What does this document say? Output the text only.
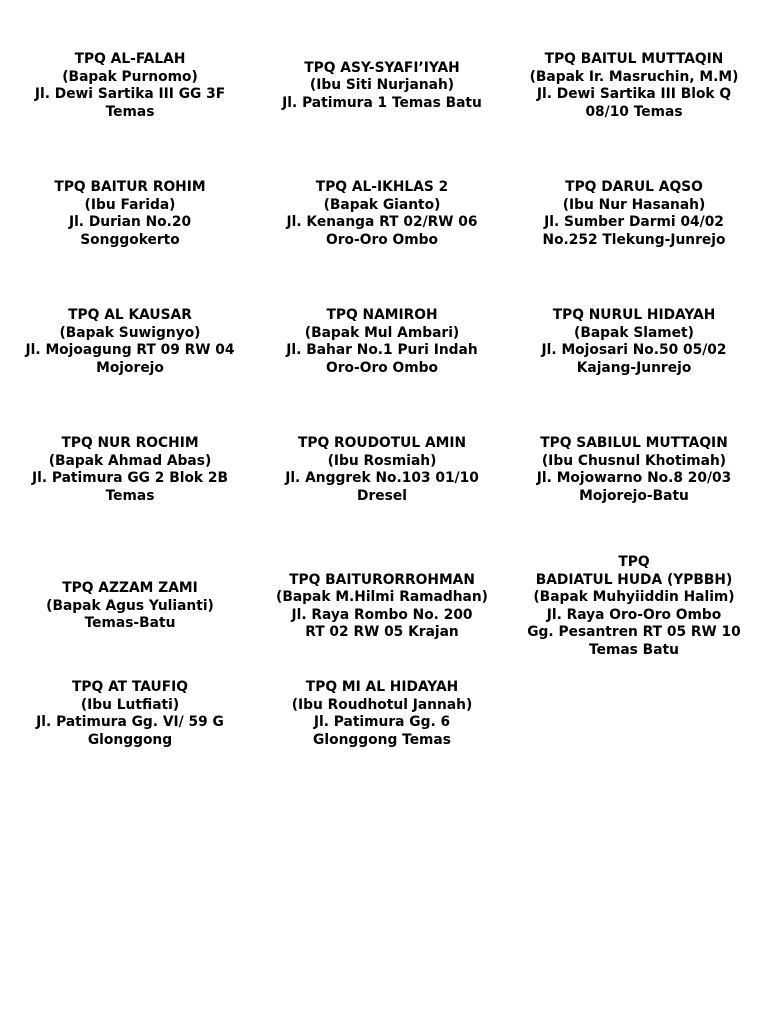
TPQ AL-FALAH
(Bapak Purnomo)
Jl. Dewi Sartika III GG 3F
Temas
TPQ ASY-SYAFI’IYAH
(Ibu Siti Nurjanah)
Jl. Patimura 1 Temas Batu
TPQ BAITUL MUTTAQIN
(Bapak Ir. Masruchin, M.M)
Jl. Dewi Sartika III Blok Q
08/10 Temas
TPQ BAITUR ROHIM
(Ibu Farida)
Jl. Durian No.20
Songgokerto
TPQ AL-IKHLAS 2
(Bapak Gianto)
Jl. Kenanga RT 02/RW 06
Oro-Oro Ombo
TPQ DARUL AQSO
(Ibu Nur Hasanah)
Jl. Sumber Darmi 04/02
No.252 Tlekung-Junrejo
TPQ AL KAUSAR
(Bapak Suwignyo)
Jl. Mojoagung RT 09 RW 04
Mojorejo
TPQ NAMIROH
(Bapak Mul Ambari)
Jl. Bahar No.1 Puri Indah
Oro-Oro Ombo
TPQ NURUL HIDAYAH
(Bapak Slamet)
Jl. Mojosari No.50 05/02
Kajang-Junrejo
TPQ NUR ROCHIM
(Bapak Ahmad Abas)
Jl. Patimura GG 2 Blok 2B
Temas
TPQ ROUDOTUL AMIN
(Ibu Rosmiah)
Jl. Anggrek No.103 01/10
Dresel
TPQ SABILUL MUTTAQIN
(Ibu Chusnul Khotimah)
Jl. Mojowarno No.8 20/03
Mojorejo-Batu
TPQ AZZAM ZAMI
(Bapak Agus Yulianti)
Temas-Batu
TPQ BAITURORROHMAN
(Bapak M.Hilmi Ramadhan)
Jl. Raya Rombo No. 200
RT 02 RW 05 Krajan
TPQ
BADIATUL HUDA (YPBBH)
(Bapak Muhyiiddin Halim)
Jl. Raya Oro-Oro Ombo
Gg. Pesantren RT 05 RW 10
Temas Batu
TPQ AT TAUFIQ
(Ibu Lutfiati)
Jl. Patimura Gg. VI/ 59 G
Glonggong
TPQ MI AL HIDAYAH
(Ibu Roudhotul Jannah)
Jl. Patimura Gg. 6
Glonggong Temas
